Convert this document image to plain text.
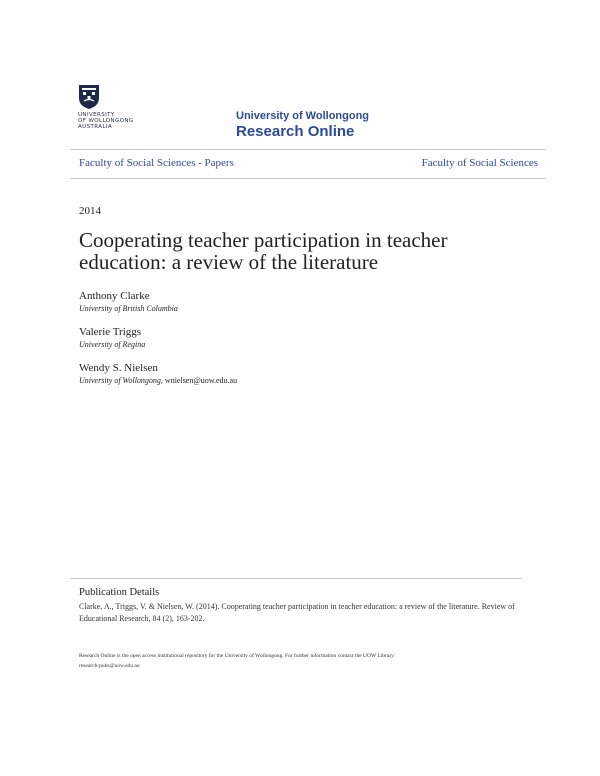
UNIVERSITY
OF WOLLONGONG
AUSTRALIA
University of Wollongong
Research Online
Faculty of Social Sciences - Papers	Faculty of Social Sciences
2014
Cooperating teacher participation in teacher education: a review of the literature
Anthony Clarke
University of British Columbia
Valerie Triggs
University of Regina
Wendy S. Nielsen
University of Wollongong, wnielsen@uow.edu.au
Publication Details
Clarke, A., Triggs, V. & Nielsen, W. (2014). Cooperating teacher participation in teacher education: a review of the literature. Review of Educational Research, 84 (2), 163-202.
Research Online is the open access institutional repository for the University of Wollongong. For further information contact the UOW Library:
research-pubs@uow.edu.au
